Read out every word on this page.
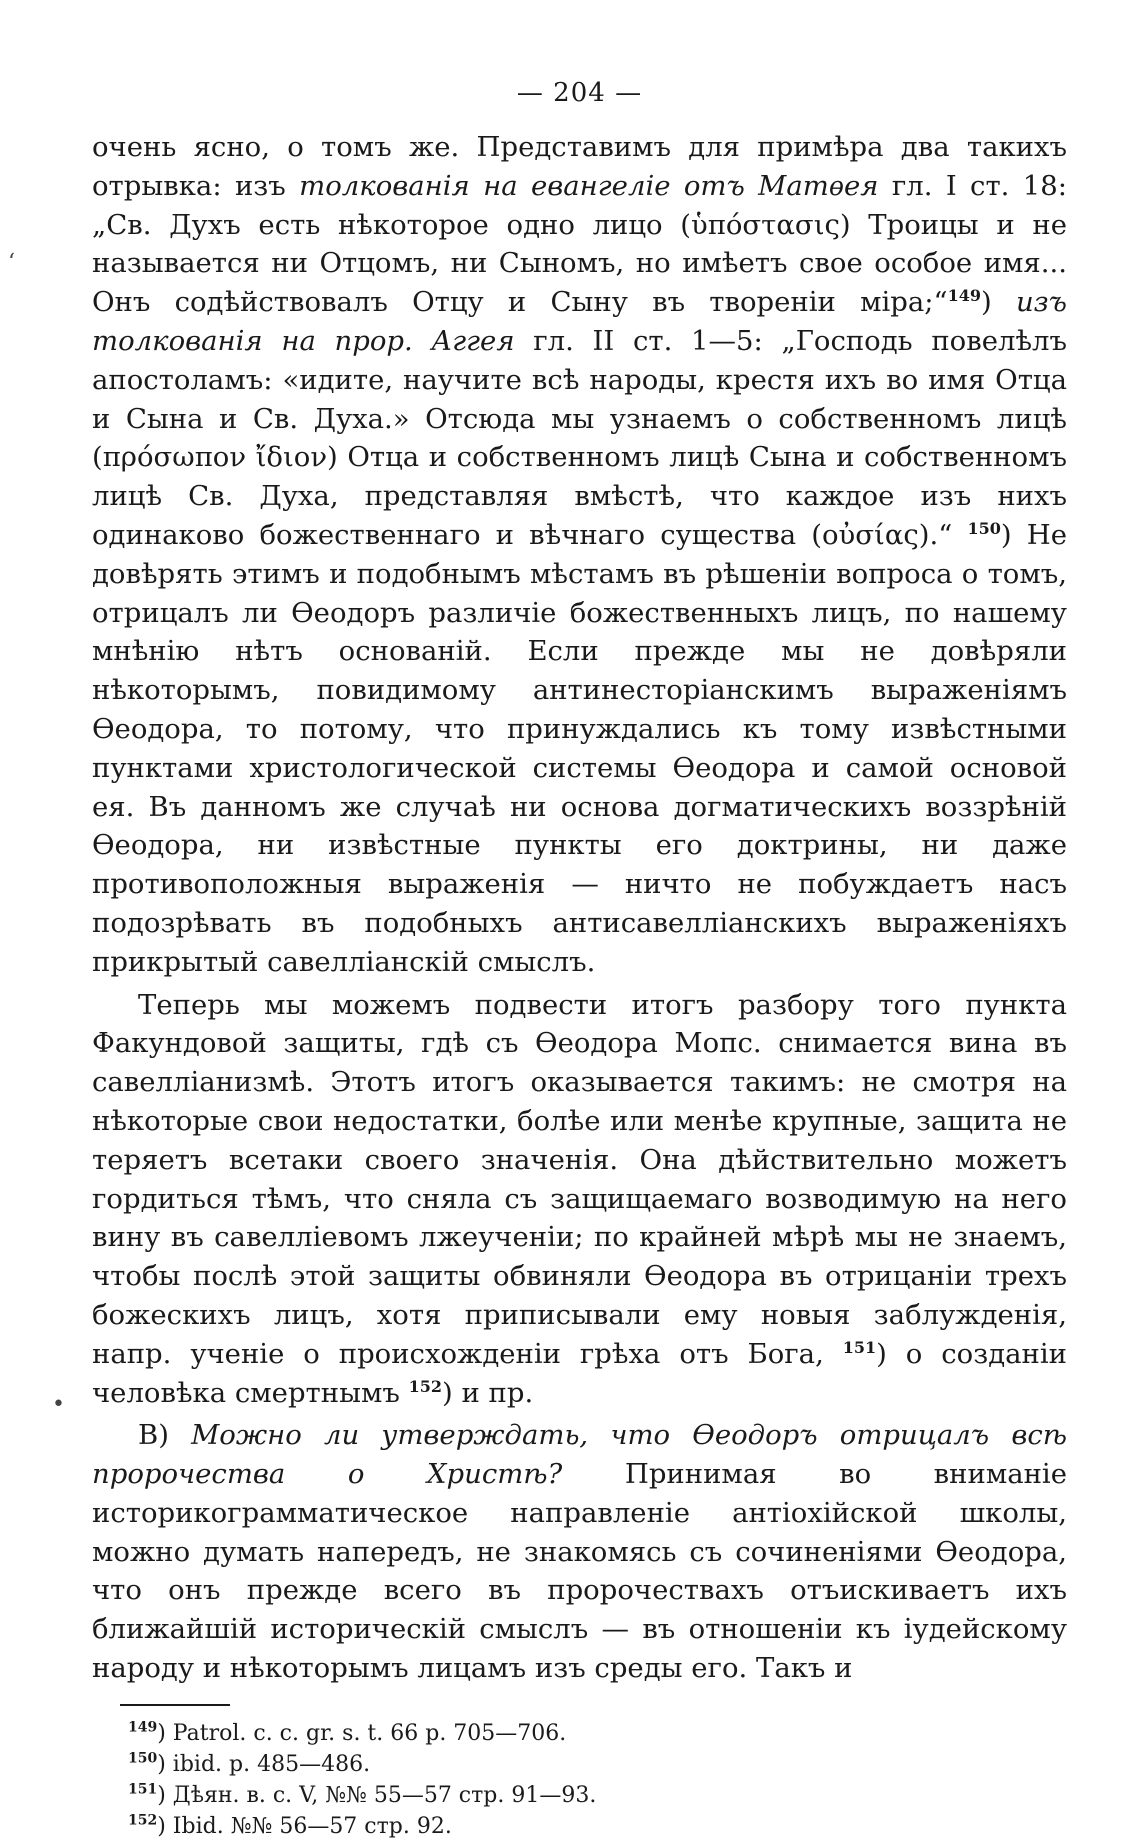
ʻ
•
— 204 —

очень ясно, о томъ же. Представимъ для примѣра два такихъ отрывка: изъ толкованія на евангеліе отъ Матѳея гл. I ст. 18: „Св. Духъ есть нѣкоторое одно лицо (ὑπόστασις) Троицы и не называется ни Отцомъ, ни Сыномъ, но имѣетъ свое особое имя... Онъ содѣйствовалъ Отцу и Сыну въ твореніи міра;“$^{149}$) изъ толкованія на прор. Аггея гл. II ст. 1—5: „Господь повелѣлъ апостоламъ: «идите, научите всѣ народы, крестя ихъ во имя Отца и Сына и Св. Духа.» Отсюда мы узнаемъ о собственномъ лицѣ (πρόσωπον ἴδιον) Отца и собственномъ лицѣ Сына и собственномъ лицѣ Св. Духа, представляя вмѣстѣ, что каждое изъ нихъ одинаково божественнаго и вѣчнаго существа (οὐσίας).“ $^{150}$) Не довѣрять этимъ и подобнымъ мѣстамъ въ рѣшеніи вопроса о томъ, отрицалъ ли Ѳеодоръ различіе божественныхъ лицъ, по нашему мнѣнію нѣтъ основаній. Если прежде мы не довѣряли нѣкоторымъ, повидимому антинесторіанскимъ выраженіямъ Ѳеодора, то потому, что принуждались къ тому извѣстными пунктами христологической системы Ѳеодора и самой основой ея. Въ данномъ же случаѣ ни основа догматическихъ воззрѣній Ѳеодора, ни извѣстные пункты его доктрины, ни даже противоположныя выраженія — ничто не побуждаетъ насъ подозрѣвать въ подобныхъ антисавелліанскихъ выраженіяхъ прикрытый савелліанскій смыслъ.

Теперь мы можемъ подвести итогъ разбору того пункта Факундовой защиты, гдѣ съ Ѳеодора Мопс. снимается вина въ савелліанизмѣ. Этотъ итогъ оказывается такимъ: не смотря на нѣкоторые свои недостатки, болѣе или менѣе крупные, защита не теряетъ всетаки своего значенія. Она дѣйствительно можетъ гордиться тѣмъ, что сняла съ защищаемаго возводимую на него вину въ савелліевомъ лжеученіи; по крайней мѣрѣ мы не знаемъ, чтобы послѣ этой защиты обвиняли Ѳеодора въ отрицаніи трехъ божескихъ лицъ, хотя приписывали ему новыя заблужденія, напр. ученіе о происхожденіи грѣха отъ Бога, $^{151}$) о созданіи человѣка смертнымъ $^{152}$) и пр.

В) Можно ли утверждать, что Ѳеодоръ отрицалъ всѣ пророчества о Христѣ? Принимая во вниманіе историкограмматическое направленіе антіохійской школы, можно думать напередъ, не знакомясь съ сочиненіями Ѳеодора, что онъ прежде всего въ пророчествахъ отъискиваетъ ихъ ближайшій историческій смыслъ — въ отношеніи къ іудейскому народу и нѣкоторымъ лицамъ изъ среды его. Такъ и

$^{149}$) Patrol. c. c. gr. s. t. 66 p. 705—706.

$^{150}$) ibid. p. 485—486.

$^{151}$) Дѣян. в. с. V, №№ 55—57 стр. 91—93.

$^{152}$) Ibid. №№ 56—57 стр. 92.
